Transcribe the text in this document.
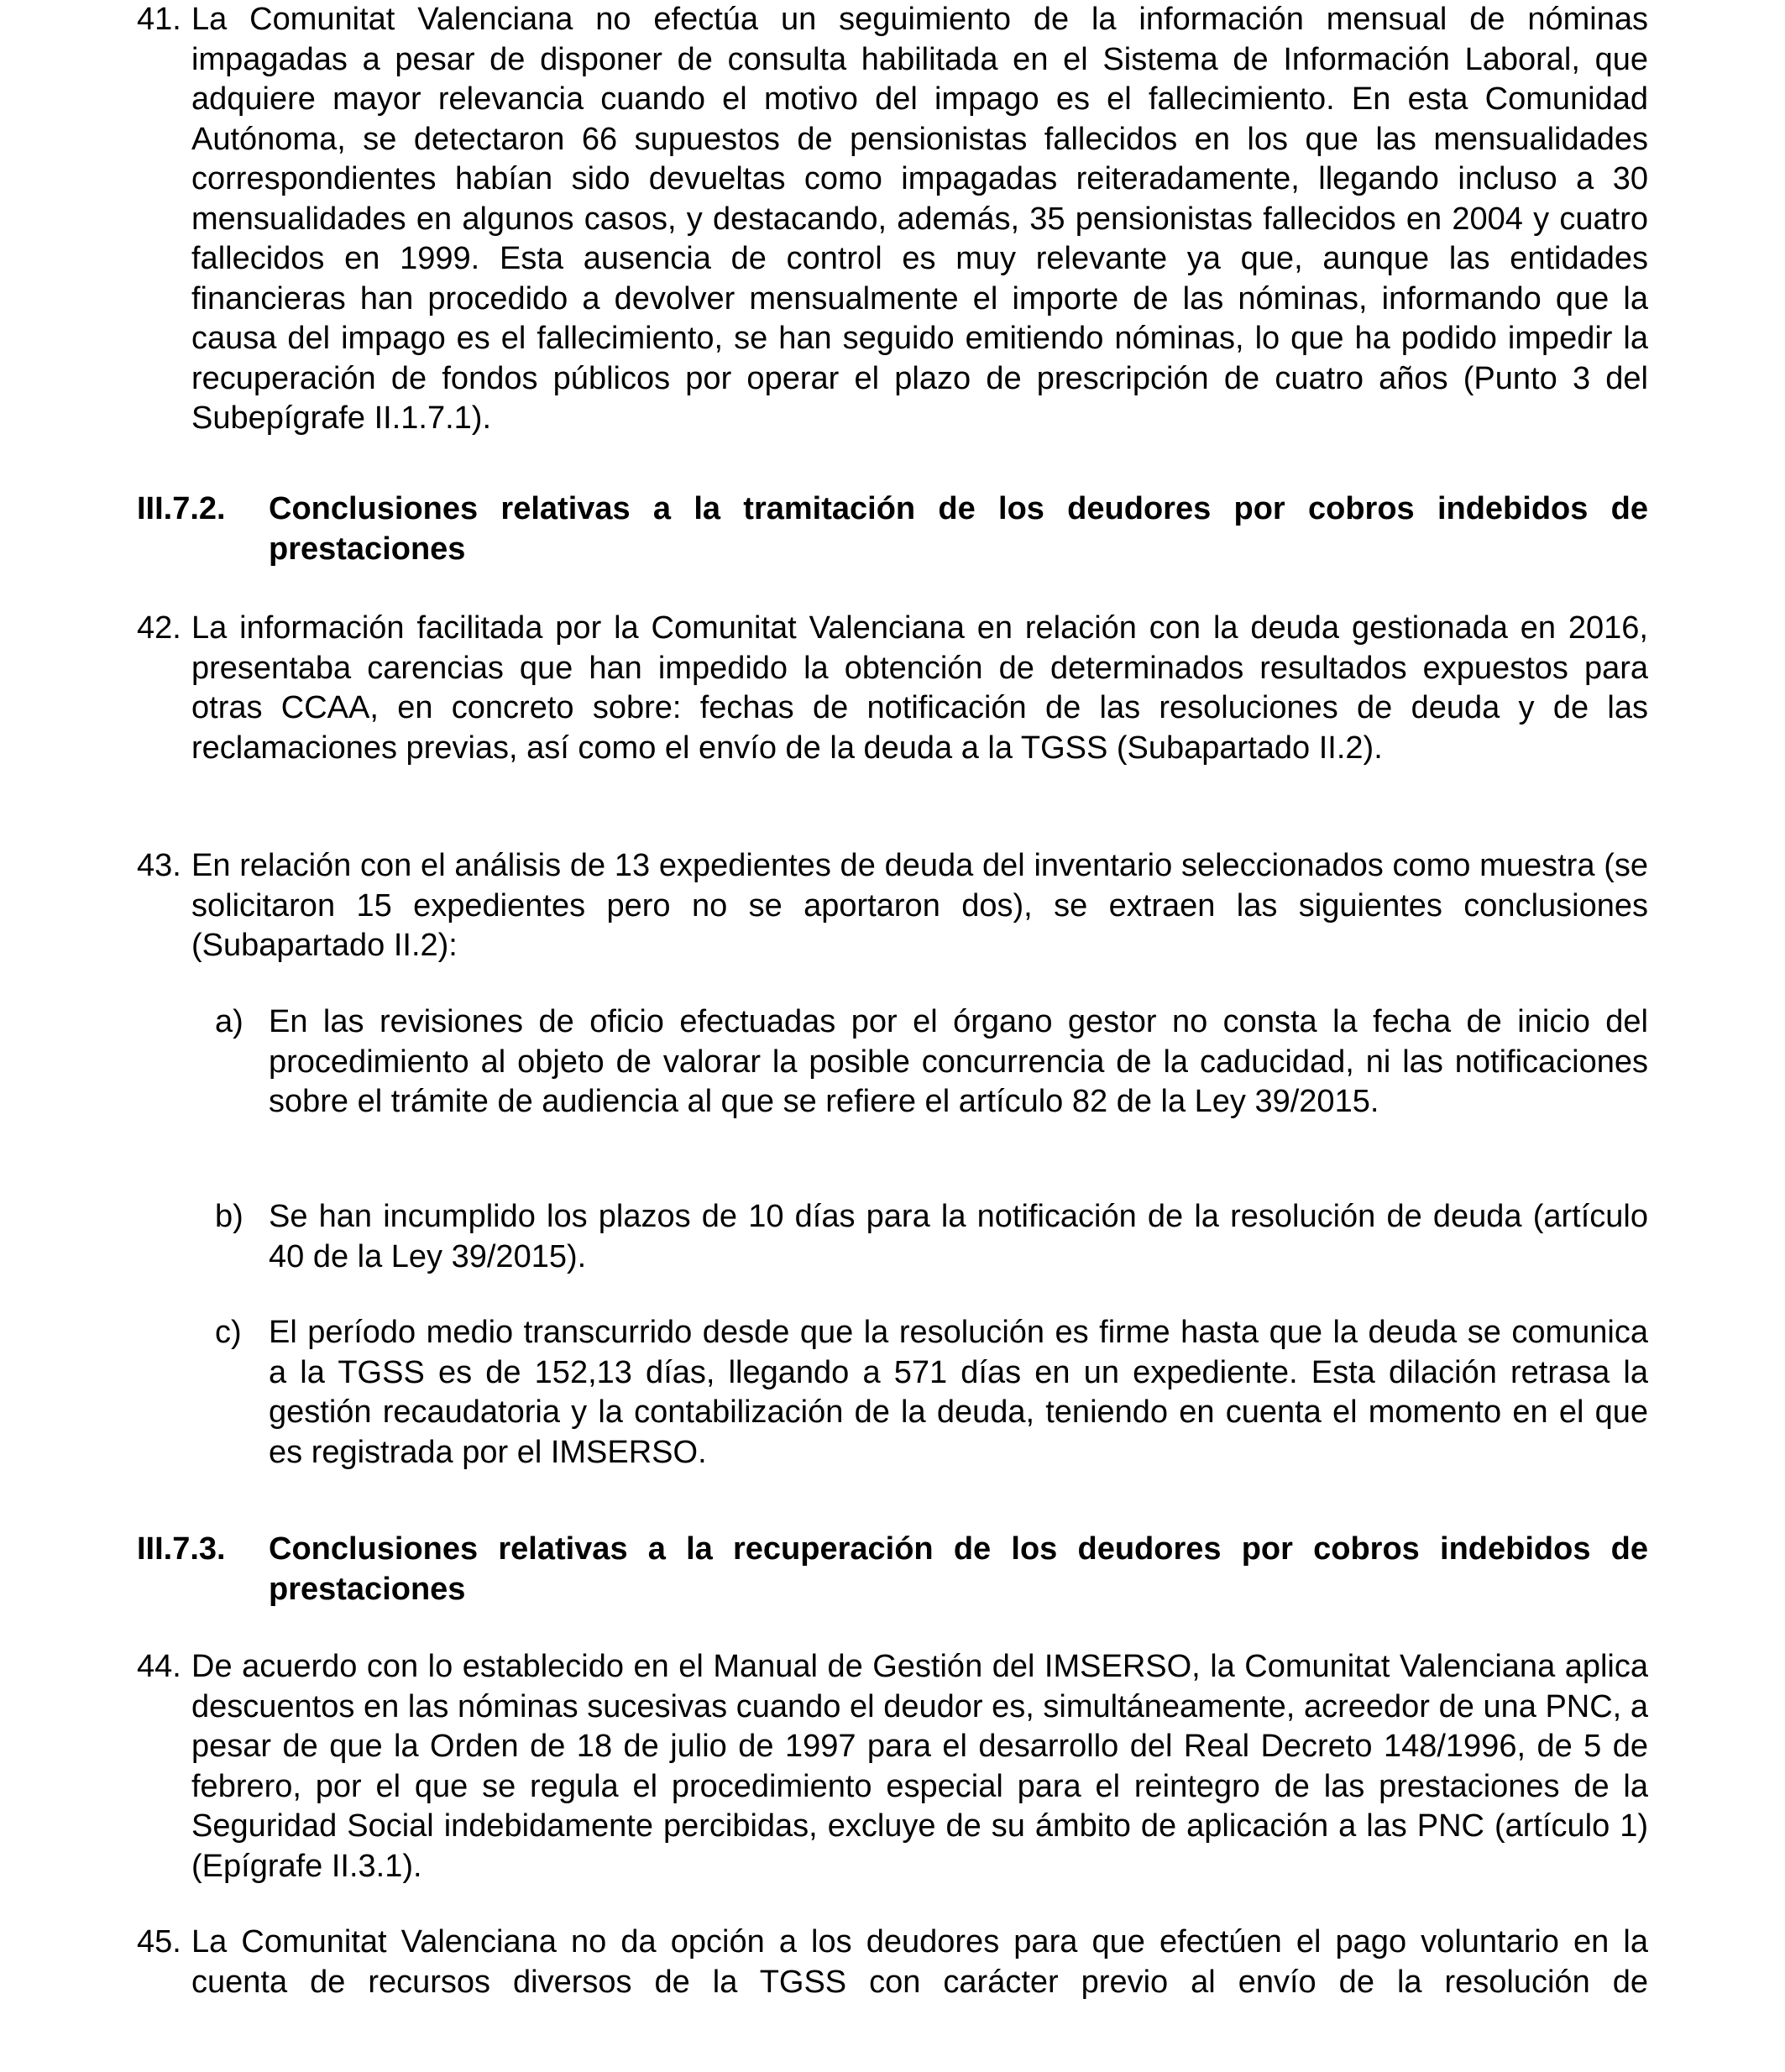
41. La Comunitat Valenciana no efectúa un seguimiento de la información mensual de nóminas impagadas a pesar de disponer de consulta habilitada en el Sistema de Información Laboral, que adquiere mayor relevancia cuando el motivo del impago es el fallecimiento. En esta Comunidad Autónoma, se detectaron 66 supuestos de pensionistas fallecidos en los que las mensualidades correspondientes habían sido devueltas como impagadas reiteradamente, llegando incluso a 30 mensualidades en algunos casos, y destacando, además, 35 pensionistas fallecidos en 2004 y cuatro fallecidos en 1999. Esta ausencia de control es muy relevante ya que, aunque las entidades financieras han procedido a devolver mensualmente el importe de las nóminas, informando que la causa del impago es el fallecimiento, se han seguido emitiendo nóminas, lo que ha podido impedir la recuperación de fondos públicos por operar el plazo de prescripción de cuatro años (Punto 3 del Subepígrafe II.1.7.1).
III.7.2. Conclusiones relativas a la tramitación de los deudores por cobros indebidos de prestaciones
42. La información facilitada por la Comunitat Valenciana en relación con la deuda gestionada en 2016, presentaba carencias que han impedido la obtención de determinados resultados expuestos para otras CCAA, en concreto sobre: fechas de notificación de las resoluciones de deuda y de las reclamaciones previas, así como el envío de la deuda a la TGSS (Subapartado II.2).
43. En relación con el análisis de 13 expedientes de deuda del inventario seleccionados como muestra (se solicitaron 15 expedientes pero no se aportaron dos), se extraen las siguientes conclusiones (Subapartado II.2):
a) En las revisiones de oficio efectuadas por el órgano gestor no consta la fecha de inicio del procedimiento al objeto de valorar la posible concurrencia de la caducidad, ni las notificaciones sobre el trámite de audiencia al que se refiere el artículo 82 de la Ley 39/2015.
b) Se han incumplido los plazos de 10 días para la notificación de la resolución de deuda (artículo 40 de la Ley 39/2015).
c) El período medio transcurrido desde que la resolución es firme hasta que la deuda se comunica a la TGSS es de 152,13 días, llegando a 571 días en un expediente. Esta dilación retrasa la gestión recaudatoria y la contabilización de la deuda, teniendo en cuenta el momento en el que es registrada por el IMSERSO.
III.7.3. Conclusiones relativas a la recuperación de los deudores por cobros indebidos de prestaciones
44. De acuerdo con lo establecido en el Manual de Gestión del IMSERSO, la Comunitat Valenciana aplica descuentos en las nóminas sucesivas cuando el deudor es, simultáneamente, acreedor de una PNC, a pesar de que la Orden de 18 de julio de 1997 para el desarrollo del Real Decreto 148/1996, de 5 de febrero, por el que se regula el procedimiento especial para el reintegro de las prestaciones de la Seguridad Social indebidamente percibidas, excluye de su ámbito de aplicación a las PNC (artículo 1) (Epígrafe II.3.1).
45. La Comunitat Valenciana no da opción a los deudores para que efectúen el pago voluntario en la cuenta de recursos diversos de la TGSS con carácter previo al envío de la resolución de
